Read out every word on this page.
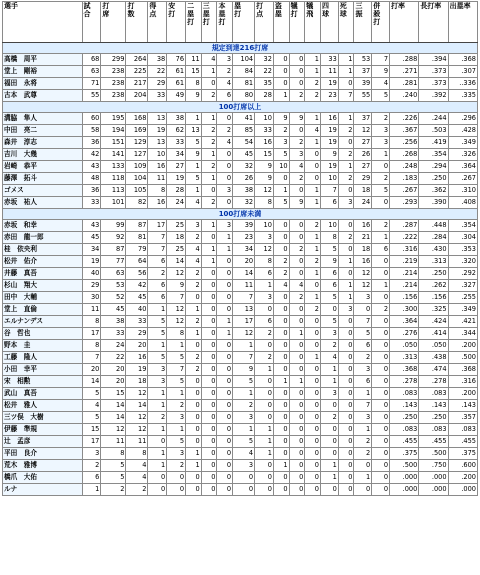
選手	試合	打席	打数	得点	安打	二塁打	三塁打	本塁打	塁打	打点	盗塁	犠打	犠飛	四球	死球	三振	併殺打	打率	長打率	出塁率

規定到達216打席																				
高橋　周平	68	299	264	38	76	11	4	3	104	32	0	0	1	33	1	53	7	.288	.394	.368
堂上　剛裕	63	238	225	22	61	15	1	2	84	22	0	0	1	11	1	37	9	.271	.373	.307
福田　永将	71	238	217	29	61	8	0	4	81	35	0	0	2	19	0	39	4	.281	.373	..336
古本　武尊	55	238	204	33	49	9	2	6	80	28	1	2	2	23	7	55	5	.240	.392	.335
100打席以上																				
溝脇　隼人	60	195	168	13	38	1	1	0	41	10	9	9	1	16	1	37	2	.226	.244	.296
中田　亮二	58	194	169	19	62	13	2	2	85	33	2	0	4	19	2	12	3	.367	.503	.428
森井　淳志	36	151	129	13	33	5	2	4	54	16	3	2	1	19	0	27	3	.256	.419	.349
吉川　大幾	42	141	127	10	34	9	1	0	45	15	5	3	0	9	2	26	1	.268	.354	.326
岩崎　恭平	43	133	109	16	27	1	2	0	32	9	10	4	0	19	1	27	0	.248	.294	.364
藤澤　拓斗	48	118	104	11	19	5	1	0	26	9	0	2	0	10	2	29	2	.183	.250	.267
ゴメス	36	113	105	8	28	1	0	3	38	12	1	0	1	7	0	18	5	.267	.362	.310
赤坂　祐人	33	101	82	16	24	4	2	0	32	8	5	9	1	6	3	24	0	.293	.390	.408
100打席未満																				
赤坂　和幸	43	99	87	17	25	3	1	3	39	10	0	0	2	10	0	16	2	.287	.448	.354
赤田　龍一郎	45	92	81	7	18	2	0	1	23	3	0	0	1	8	2	21	1	.222	.284	.304
桂　依央利	34	87	79	7	25	4	1	1	34	12	0	2	1	5	0	18	6	.316	.430	.353
松井　佑介	19	77	64	6	14	4	1	0	20	8	2	0	2	9	1	16	0	.219	.313	.320
井藤　真吾	40	63	56	2	12	2	0	0	14	6	2	0	1	6	0	12	0	.214	.250	.292
杉山　翔大	29	53	42	6	9	2	0	0	11	1	4	4	0	6	1	12	1	.214	.262	.327
田中　大輔	30	52	45	6	7	0	0	0	7	3	0	2	1	5	1	3	0	.156	.156	.255
堂上　直倫	11	45	40	1	12	1	0	0	13	0	0	0	2	0	3	0	2	.300	.325	.349
エルナンデス	8	38	33	5	12	2	0	1	17	6	0	0	0	5	0	7	0	.364	.424	.421
谷　哲也	17	33	29	5	8	1	0	1	12	2	0	1	0	3	0	5	0	.276	.414	.344
野本　圭	8	24	20	1	1	0	0	0	1	0	0	0	0	2	0	6	0	.050	.050	.200
工藤　隆人	7	22	16	5	5	2	0	0	7	2	0	0	1	4	0	2	0	.313	.438	.500
小田　幸平	20	20	19	3	7	2	0	0	9	1	0	0	0	1	0	3	0	.368	.474	.368
宋　相勲	14	20	18	3	5	0	0	0	5	0	1	1	0	1	0	6	0	.278	.278	.316
武山　真吾	5	15	12	1	1	0	0	0	1	0	0	0	0	3	0	1	0	.083	.083	.200
松井　雅人	4	14	14	1	2	0	0	0	2	0	0	0	0	0	0	7	0	.143	.143	.143
三ツ俣　大樹	5	14	12	2	3	0	0	0	3	0	0	0	0	2	0	3	0	.250	.250	.357
伊藤　準規	15	12	12	1	1	0	0	0	1	1	0	0	0	0	0	1	0	.083	.083	.083
辻　孟彦	17	11	11	0	5	0	0	0	5	1	0	0	0	0	0	2	0	.455	.455	.455
平田　良介	3	8	8	1	3	1	0	0	4	1	0	0	0	0	0	2	0	.375	.500	.375
荒木　雅博	2	5	4	1	2	1	0	0	3	0	1	0	0	1	0	0	0	.500	.750	.600
橋爪　大佑	6	5	4	0	0	0	0	0	0	0	0	0	0	1	0	1	0	.000	.000	.200
ルナ	1	2	2	0	0	0	0	0	0	0	0	0	0	0	0	0	0	.000	.000	.000
